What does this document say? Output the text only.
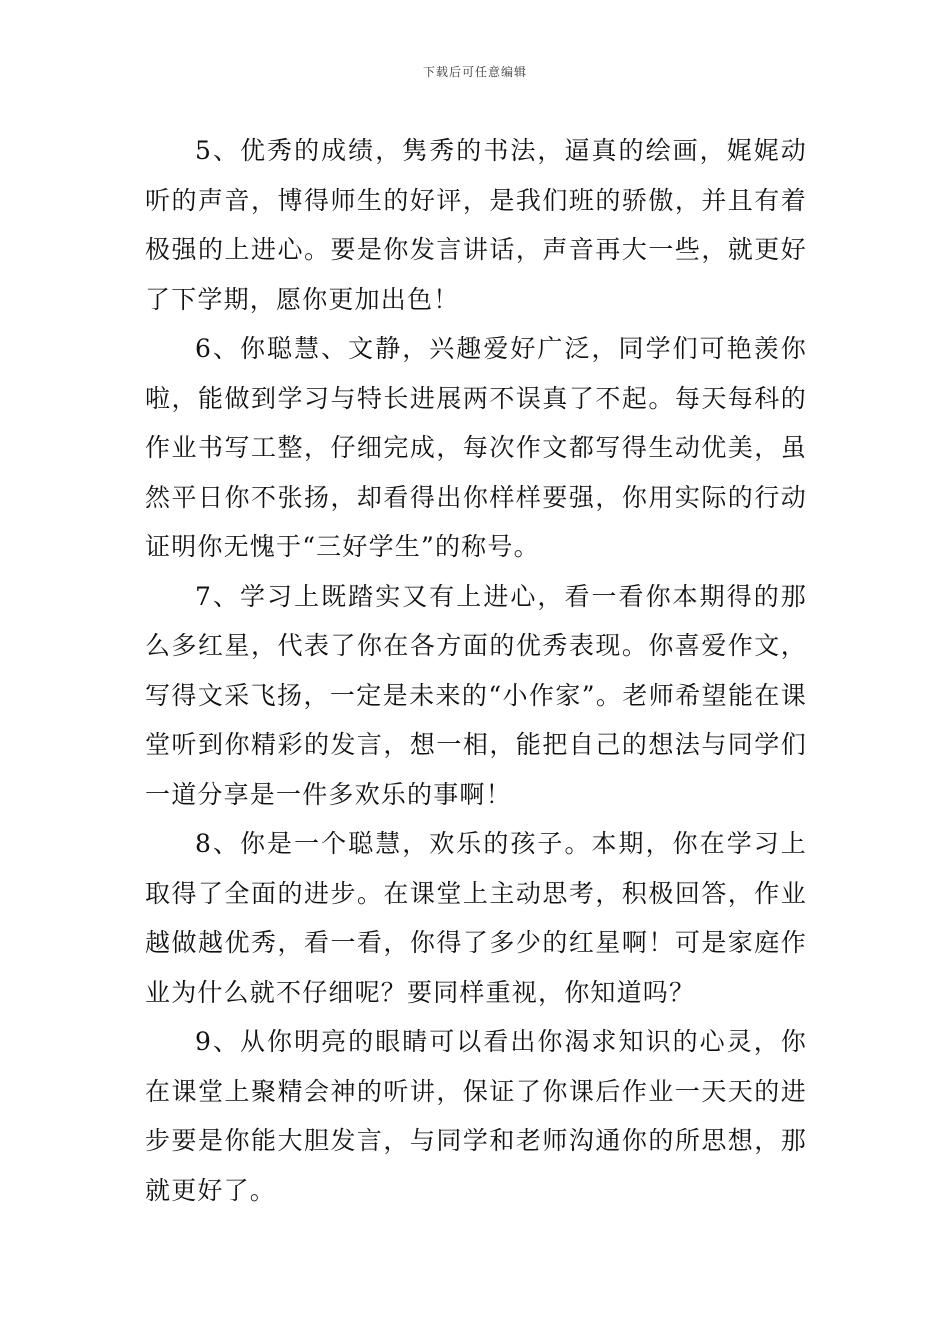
下载后可任意编辑

5、优秀的成绩，隽秀的书法，逼真的绘画，娓娓动听的声音，博得师生的好评，是我们班的骄傲，并且有着极强的上进心。要是你发言讲话，声音再大一些，就更好了下学期，愿你更加出色！

6、你聪慧、文静，兴趣爱好广泛，同学们可艳羡你啦，能做到学习与特长进展两不误真了不起。每天每科的作业书写工整，仔细完成，每次作文都写得生动优美，虽然平日你不张扬，却看得出你样样要强，你用实际的行动证明你无愧于“三好学生”的称号。

7、学习上既踏实又有上进心，看一看你本期得的那么多红星，代表了你在各方面的优秀表现。你喜爱作文，写得文采飞扬，一定是未来的“小作家”。老师希望能在课堂听到你精彩的发言，想一相，能把自己的想法与同学们一道分享是一件多欢乐的事啊！

8、你是一个聪慧，欢乐的孩子。本期，你在学习上取得了全面的进步。在课堂上主动思考，积极回答，作业越做越优秀，看一看，你得了多少的红星啊！可是家庭作业为什么就不仔细呢？要同样重视，你知道吗？

9、从你明亮的眼睛可以看出你渴求知识的心灵，你在课堂上聚精会神的听讲，保证了你课后作业一天天的进步要是你能大胆发言，与同学和老师沟通你的所思想，那就更好了。
